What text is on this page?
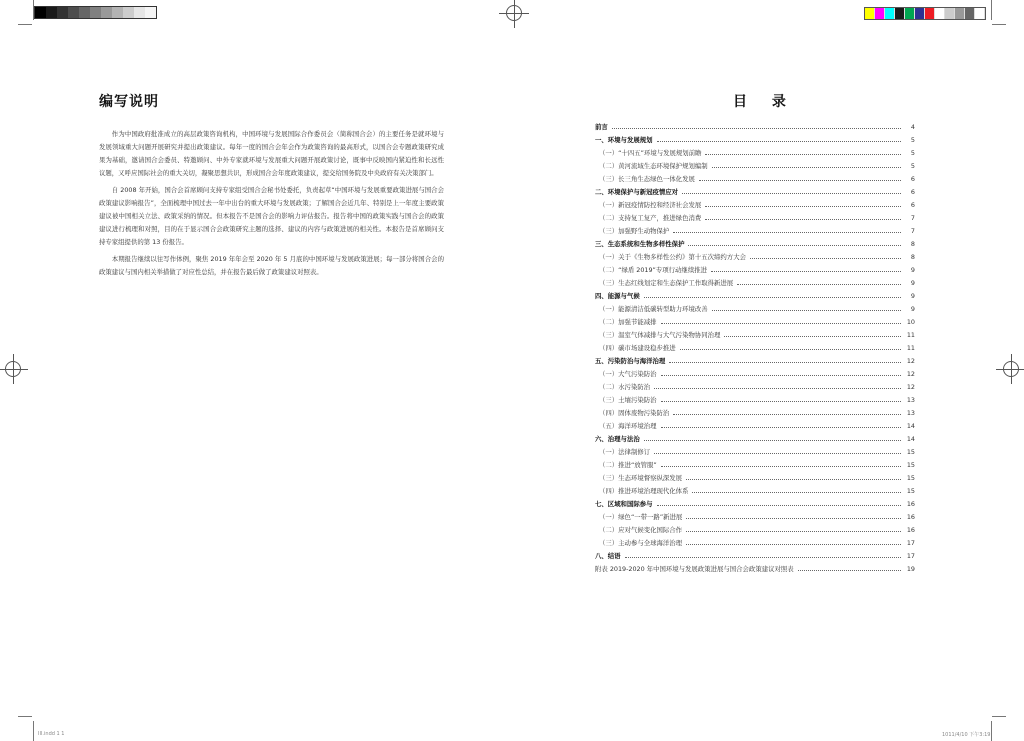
III.indd 1 1	1011/4/10 下午3:19
编写说明

作为中国政府批准成立的高层政策咨询机构，中国环境与发展国际合作委员会（简称国合会）的主要任务是就环境与发展领域重大问题开展研究并提出政策建议。每年一度的国合会年会作为政策咨询的最高形式，以国合会专题政策研究成果为基础，邀请国合会委员、特邀顾问、中外专家就环境与发展重大问题开展政策讨论，既事中反映国内紧迫性和长远性议题，又呼应国际社会的重大关切，凝聚思想共识，形成国合会年度政策建议，提交给国务院及中央政府有关决策部门。

自 2008 年开始，国合会首席顾问支持专家组受国合会秘书处委托，负责起草“中国环境与发展重要政策进展与国合会政策建议影响报告”，全面梳理中国过去一年中出台的重大环境与发展政策；了解国合会近几年、特别是上一年度主要政策建议被中国相关立法、政策采纳的情况。但本报告不是国合会的影响力评估报告。报告将中国的政策实践与国合会的政策建议进行梳理和对照，目的在于显示国合会政策研究主题的选择、建议的内容与政策进展的相关性。本报告是首席顾问支持专家组提供的第 13 份报告。

本期报告继续以往写作体例，聚焦 2019 年年会至 2020 年 5 月底的中国环境与发展政策进展；每一部分将国合会的政策建议与国内相关举措做了对应性总结，并在报告最后做了政策建议对照表。

目 录
前言	4
一、环境与发展规划	5
（一）“十四五”环境与发展规划前瞻	5
（二）黄河流域生态环境保护规划编制	5
（三）长三角生态绿色一体化发展	6
二、环境保护与新冠疫情应对	6
（一）新冠疫情防控和经济社会发展	6
（二）支持复工复产，推进绿色消费	7
（三）加强野生动物保护	7
三、生态系统和生物多样性保护	8
（一）关于《生物多样性公约》第十五次缔约方大会	8
（二）“绿盾 2019”专项行动继续推进	9
（三）生态红线划定和生态保护工作取得新进展	9
四、能源与气候	9
（一）能源清洁低碳转型助力环境改善	9
（二）加强节能减排	10
（三）温室气体减排与大气污染物协同治理	11
（四）碳市场建设稳步推进	11
五、污染防治与海洋治理	12
（一）大气污染防治	12
（二）水污染防治	12
（三）土壤污染防治	13
（四）固体废物污染防治	13
（五）海洋环境治理	14
六、治理与法治	14
（一）法律制修订	15
（二）推进“放管服”	15
（三）生态环境督察纵深发展	15
（四）推进环境治理现代化体系	15
七、区域和国际参与	16
（一）绿色“一带一路”新进展	16
（二）应对气候变化国际合作	16
（三）主动参与全球海洋治理	17
八、结语	17
附表 2019-2020 年中国环境与发展政策进展与国合会政策建议对照表	19
